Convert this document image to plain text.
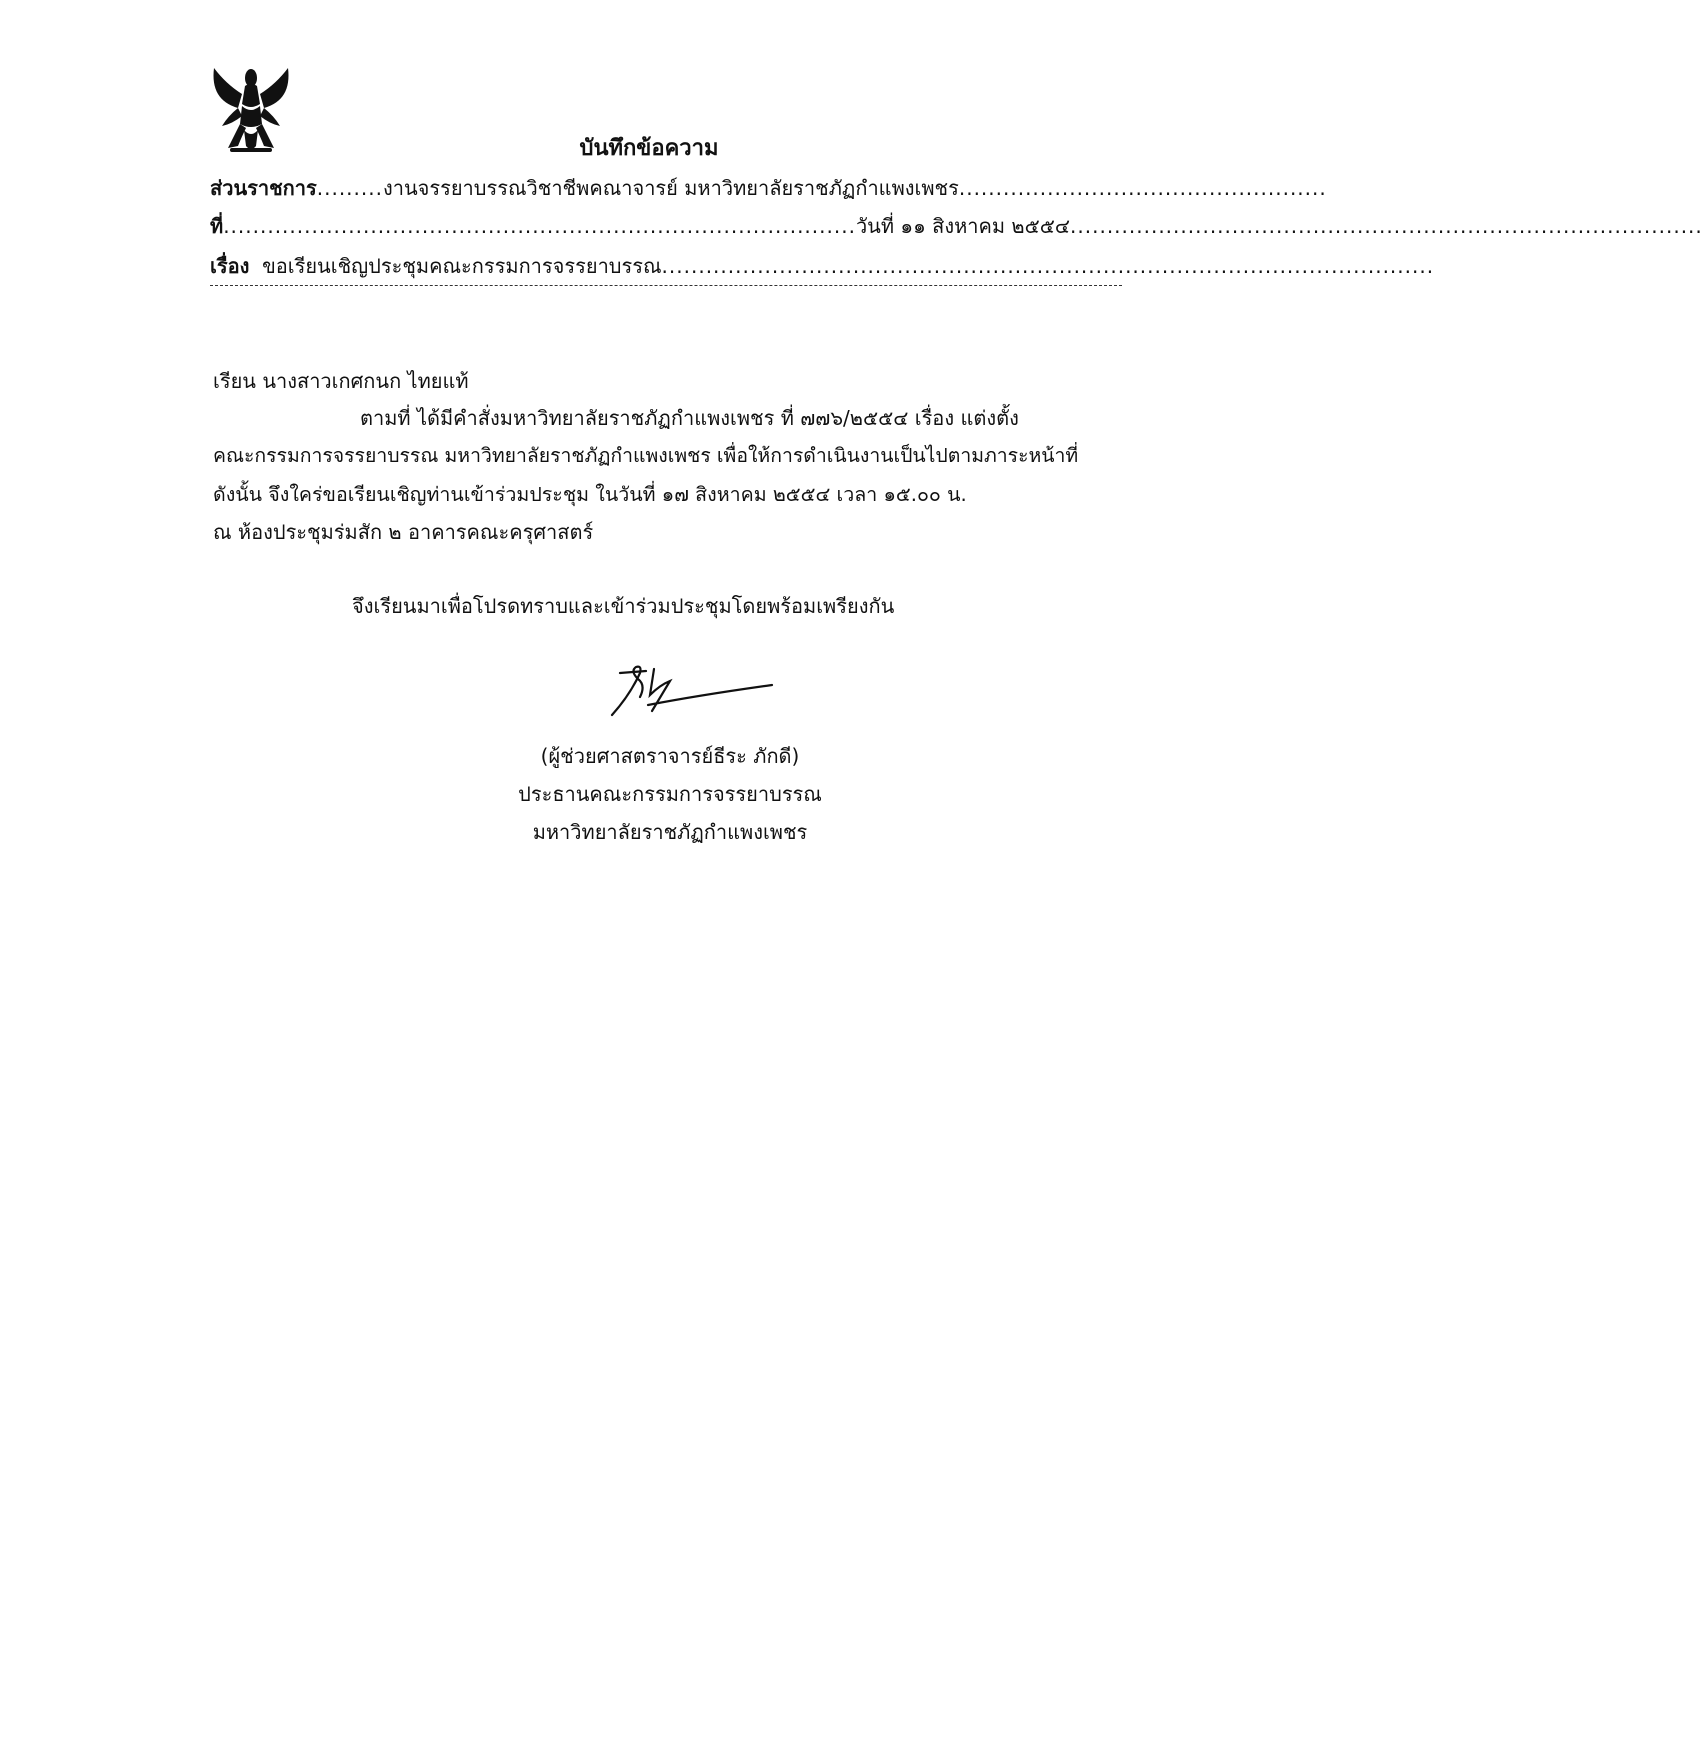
บันทึกข้อความ
ส่วนราชการ.........งานจรรยาบรรณวิชาชีพคณาจารย์ มหาวิทยาลัยราชภัฏกำแพงเพชร..................................................
ที่......................................................................................วันที่ ๑๑ สิงหาคม ๒๕๕๔......................................................................................
เรื่อง ขอเรียนเชิญประชุมคณะกรรมการจรรยาบรรณ.........................................................................................................
เรียน นางสาวเกศกนก ไทยแท้
ตามที่ ได้มีคำสั่งมหาวิทยาลัยราชภัฏกำแพงเพชร ที่ ๗๗๖/๒๕๕๔ เรื่อง แต่งตั้ง
คณะกรรมการจรรยาบรรณ มหาวิทยาลัยราชภัฏกำแพงเพชร เพื่อให้การดำเนินงานเป็นไปตามภาระหน้าที่
ดังนั้น จึงใคร่ขอเรียนเชิญท่านเข้าร่วมประชุม ในวันที่ ๑๗ สิงหาคม ๒๕๕๔ เวลา ๑๕.๐๐ น.
ณ ห้องประชุมร่มสัก ๒ อาคารคณะครุศาสตร์
จึงเรียนมาเพื่อโปรดทราบและเข้าร่วมประชุมโดยพร้อมเพรียงกัน
(ผู้ช่วยศาสตราจารย์ธีระ ภักดี)
ประธานคณะกรรมการจรรยาบรรณ
มหาวิทยาลัยราชภัฏกำแพงเพชร
